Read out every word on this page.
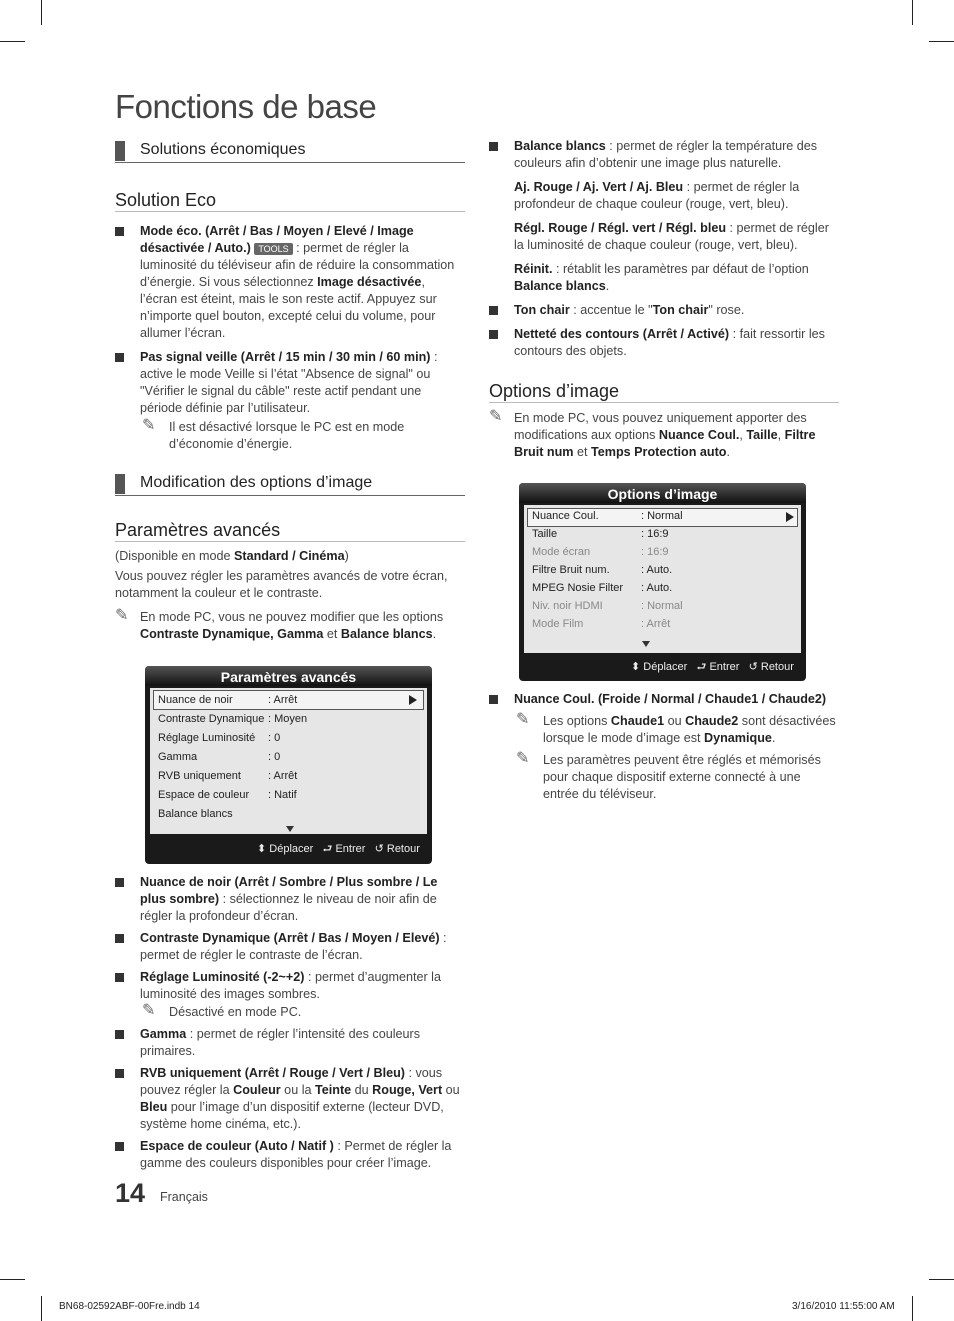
Fonctions de base
Solutions économiques
Solution Eco
Mode éco. (Arrêt / Bas / Moyen / Elevé / Image désactivée / Auto.) TOOLS : permet de régler la luminosité du téléviseur afin de réduire la consommation d’énergie. Si vous sélectionnez Image désactivée, l’écran est éteint, mais le son reste actif. Appuyez sur n’importe quel bouton, excepté celui du volume, pour allumer l’écran.
Pas signal veille (Arrêt / 15 min / 30 min / 60 min) : active le mode Veille si l’état "Absence de signal" ou "Vérifier le signal du câble" reste actif pendant une période définie par l’utilisateur.
✎ Il est désactivé lorsque le PC est en mode d’économie d’énergie.
Modification des options d’image
Paramètres avancés

(Disponible en mode Standard / Cinéma)

Vous pouvez régler les paramètres avancés de votre écran, notamment la couleur et le contraste.

✎ En mode PC, vous ne pouvez modifier que les options Contraste Dynamique, Gamma et Balance blancs.
Paramètres avancés
Nuance de noir	: Arrêt
Contraste Dynamique : Moyen
Réglage Luminosité : 0
Gamma	: 0
RVB uniquement : Arrêt
Espace de couleur : Natif
Balance blancs
⬍ Déplacer ⮐ Entrer ↺ Retour
Nuance de noir (Arrêt / Sombre / Plus sombre / Le plus sombre) : sélectionnez le niveau de noir afin de régler la profondeur d’écran.
Contraste Dynamique (Arrêt / Bas / Moyen / Elevé) : permet de régler le contraste de l’écran.
Réglage Luminosité (-2~+2) : permet d’augmenter la luminosité des images sombres.
✎ Désactivé en mode PC.
Gamma : permet de régler l’intensité des couleurs primaires.
RVB uniquement (Arrêt / Rouge / Vert / Bleu) : vous pouvez régler la Couleur ou la Teinte du Rouge, Vert ou Bleu pour l’image d’un dispositif externe (lecteur DVD, système home cinéma, etc.).
Espace de couleur (Auto / Natif ) : Permet de régler la gamme des couleurs disponibles pour créer l’image.
Balance blancs : permet de régler la température des couleurs afin d’obtenir une image plus naturelle.

Aj. Rouge / Aj. Vert / Aj. Bleu : permet de régler la profondeur de chaque couleur (rouge, vert, bleu).

Régl. Rouge / Régl. vert / Régl. bleu : permet de régler la luminosité de chaque couleur (rouge, vert, bleu).

Réinit. : rétablit les paramètres par défaut de l’option Balance blancs.

Ton chair : accentue le "Ton chair" rose.
Netteté des contours (Arrêt / Activé) : fait ressortir les contours des objets.
Options d’image
✎ En mode PC, vous pouvez uniquement apporter des modifications aux options Nuance Coul., Taille, Filtre Bruit num et Temps Protection auto.
Options d’image
Nuance Coul.	: Normal
Taille	: 16:9
Mode écran	: 16:9
Filtre Bruit num.	: Auto.
MPEG Nosie Filter : Auto.
Niv. noir HDMI	: Normal
Mode Film	: Arrêt
⬍ Déplacer ⮐ Entrer ↺ Retour
Nuance Coul. (Froide / Normal / Chaude1 / Chaude2)
✎ Les options Chaude1 ou Chaude2 sont désactivées lorsque le mode d’image est Dynamique.
✎ Les paramètres peuvent être réglés et mémorisés pour chaque dispositif externe connecté à une entrée du téléviseur.
14 Français
BN68-02592ABF-00Fre.indb 14	3/16/2010 11:55:00 AM
